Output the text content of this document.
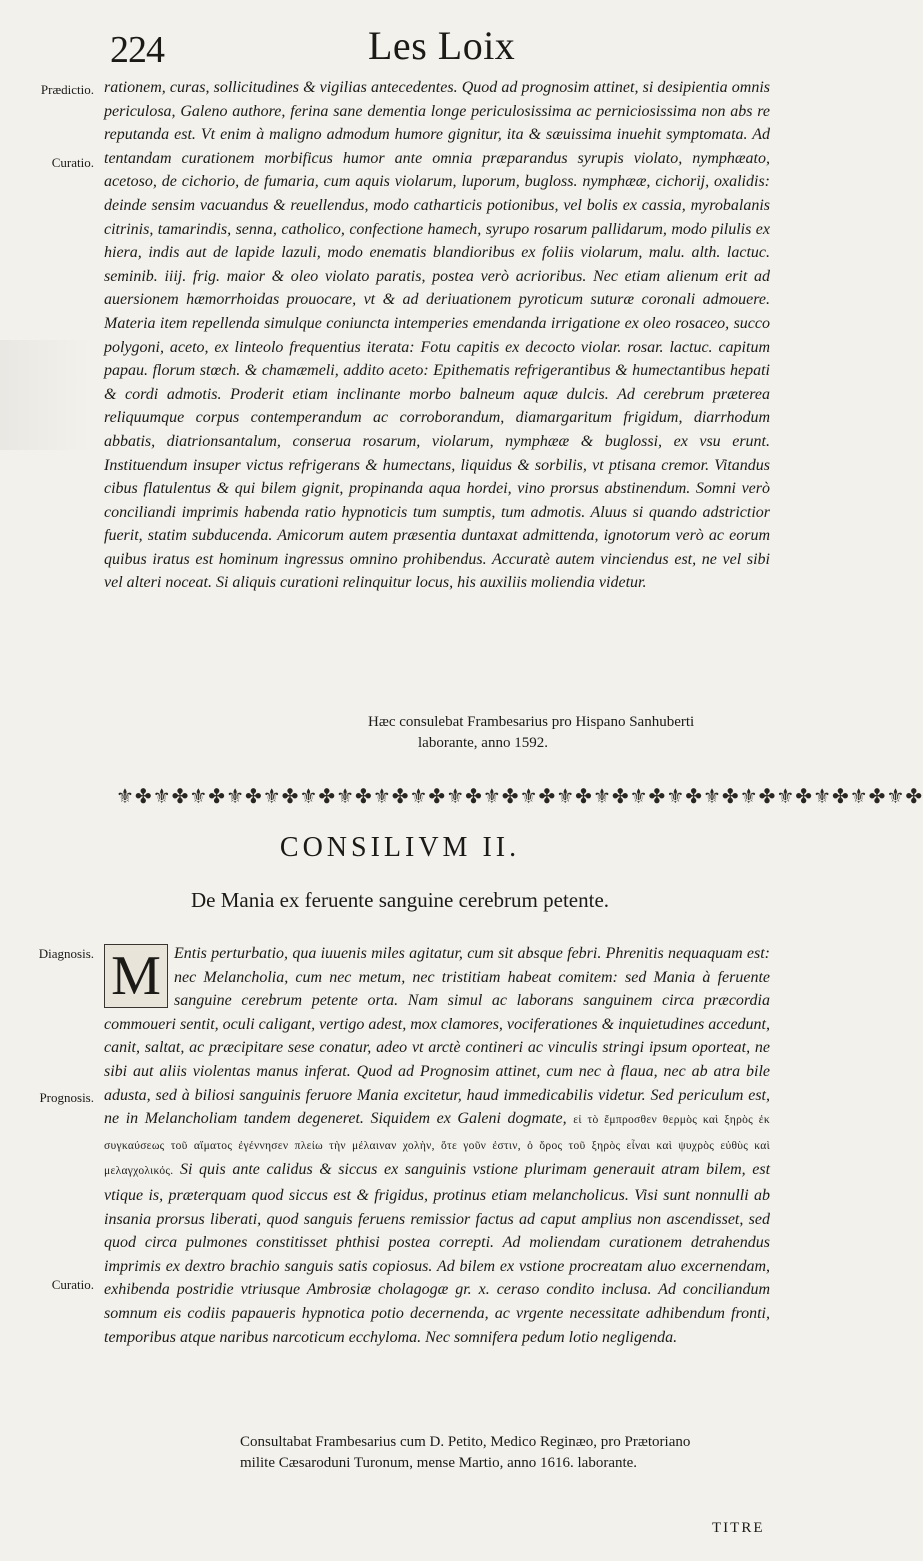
224	Les Loix
Prædictio.
Curatio.

rationem, curas, sollicitudines & vigilias antecedentes. Quod ad prognosim attinet, si desipientia omnis periculosa, Galeno authore, ferina sane dementia longe periculosissima ac perniciosissima non abs re reputanda est. Vt enim à maligno admodum humore gignitur, ita & sæuissima inuehit symptomata. Ad tentandam curationem morbificus humor ante omnia præparandus syrupis violato, nymphæato, acetoso, de cichorio, de fumaria, cum aquis violarum, luporum, bugloss. nymphææ, cichorij, oxalidis: deinde sensim vacuandus & reuellendus, modo catharticis potionibus, vel bolis ex cassia, myrobalanis citrinis, tamarindis, senna, catholico, confectione hamech, syrupo rosarum pallidarum, modo pilulis ex hiera, indis aut de lapide lazuli, modo enematis blandioribus ex foliis violarum, malu. alth. lactuc. seminib. iiij. frig. maior & oleo violato paratis, postea verò acrioribus. Nec etiam alienum erit ad auersionem hæmorrhoidas prouocare, vt & ad deriuationem pyroticum suturæ coronali admouere. Materia item repellenda simulque coniuncta intemperies emendanda irrigatione ex oleo rosaceo, succo polygoni, aceto, ex linteolo frequentius iterata: Fotu capitis ex decocto violar. rosar. lactuc. capitum papau. florum stœch. & chamæmeli, addito aceto: Epithematis refrigerantibus & humectantibus hepati & cordi admotis. Proderit etiam inclinante morbo balneum aquæ dulcis. Ad cerebrum præterea reliquumque corpus contemperandum ac corroborandum, diamargaritum frigidum, diarrhodum abbatis, diatrionsantalum, conserua rosarum, violarum, nymphææ & buglossi, ex vsu erunt. Instituendum insuper victus refrigerans & humectans, liquidus & sorbilis, vt ptisana cremor. Vitandus cibus flatulentus & qui bilem gignit, propinanda aqua hordei, vino prorsus abstinendum. Somni verò conciliandi imprimis habenda ratio hypnoticis tum sumptis, tum admotis. Aluus si quando adstrictior fuerit, statim subducenda. Amicorum autem præsentia duntaxat admittenda, ignotorum verò ac eorum quibus iratus est hominum ingressus omnino prohibendus. Accuratè autem vinciendus est, ne vel sibi vel alteri noceat. Si aliquis curationi relinquitur locus, his auxiliis moliendia videtur.

Hæc consulebat Frambesarius pro Hispano Sanhuberti
laborante, anno 1592.
⚜✤⚜✤⚜✤⚜✤⚜✤⚜✤⚜✤⚜✤⚜✤⚜✤⚜✤⚜✤⚜✤⚜✤⚜✤⚜✤⚜✤⚜✤⚜✤⚜✤⚜✤⚜✤
CONSILIVM II.
De Mania ex feruente sanguine cerebrum petente.
Diagnosis.
Prognosis.
Curatio.
M Entis perturbatio, qua iuuenis miles agitatur, cum sit absque febri. Phrenitis nequaquam est: nec Melancholia, cum nec metum, nec tristitiam habeat comitem: sed Mania à feruente sanguine cerebrum petente orta. Nam simul ac laborans sanguinem circa præcordia commoueri sentit, oculi caligant, vertigo adest, mox clamores, vociferationes & inquietudines accedunt, canit, saltat, ac præcipitare sese conatur, adeo vt arctè contineri ac vinculis stringi ipsum oporteat, ne sibi aut aliis violentas manus inferat. Quod ad Prognosim attinet, cum nec à flaua, nec ab atra bile adusta, sed à biliosi sanguinis feruore Mania excitetur, haud immedicabilis videtur. Sed periculum est, ne in Melancholiam tandem degeneret. Siquidem ex Galeni dogmate, εἰ τὸ ἔμπροσθεν θερμὸς καὶ ξηρὸς ἐκ συγκαύσεως τοῦ αἵματος ἐγέννησεν πλείω τὴν μέλαιναν χολὴν, ὅτε γοῦν ἐστιν, ὁ ὅρος τοῦ ξηρὸς εἶναι καὶ ψυχρὸς εὐθὺς καὶ μελαγχολικός. Si quis ante calidus & siccus ex sanguinis vstione plurimam generauit atram bilem, est vtique is, præterquam quod siccus est & frigidus, protinus etiam melancholicus. Visi sunt nonnulli ab insania prorsus liberati, quod sanguis feruens remissior factus ad caput amplius non ascendisset, sed quod circa pulmones constitisset phthisi postea correpti. Ad moliendam curationem detrahendus imprimis ex dextro brachio sanguis satis copiosus. Ad bilem ex vstione procreatam aluo excernendam, exhibenda postridie vtriusque Ambrosiæ cholagogæ gr. x. ceraso condito inclusa. Ad conciliandum somnum eis codiis papaueris hypnotica potio decernenda, ac vrgente necessitate adhibendum fronti, temporibus atque naribus narcoticum ecchyloma. Nec somnifera pedum lotio negligenda.

Consultabat Frambesarius cum D. Petito, Medico Reginæo, pro Prætoriano
milite Cæsaroduni Turonum, mense Martio, anno 1616. laborante.
TITRE
